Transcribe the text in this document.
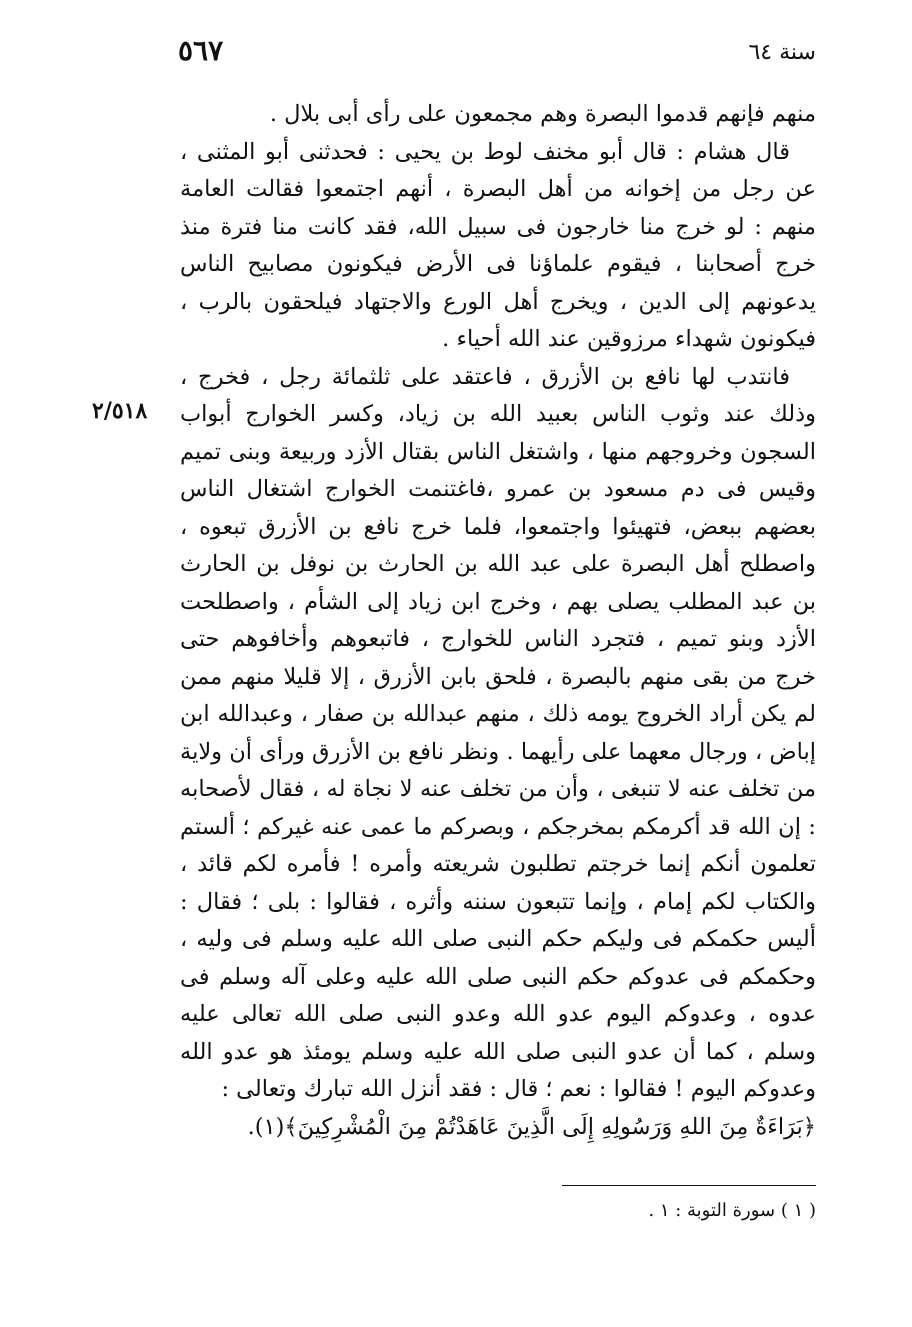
٥٦٧	سنة ٦٤

منهم فإنهم قدموا البصرة وهم مجمعون على رأى أبى بلال .

قال هشام : قال أبو مخنف لوط بن يحيى : فحدثنى أبو المثنى ، عن رجل من إخوانه من أهل البصرة ، أنهم اجتمعوا فقالت العامة منهم : لو خرج منا خارجون فى سبيل الله، فقد كانت منا فترة منذ خرج أصحابنا ، فيقوم علماؤنا فى الأرض فيكونون مصابيح الناس يدعونهم إلى الدين ، ويخرج أهل الورع والاجتهاد فيلحقون بالرب ، فيكونون شهداء مرزوقين عند الله أحياء .

فانتدب لها نافع بن الأزرق ، فاعتقد على ثلثمائة رجل ، فخرج ، وذلك عند وثوب الناس بعبيد الله بن زياد، وكسر الخوارج أبواب السجون وخروجهم منها ، واشتغل الناس بقتال الأزد وربيعة وبنى تميم وقيس فى دم مسعود بن عمرو ،فاغتنمت الخوارج اشتغال الناس بعضهم ببعض، فتهيئوا واجتمعوا، فلما خرج نافع بن الأزرق تبعوه ، واصطلح أهل البصرة على عبد الله بن الحارث بن نوفل بن الحارث بن عبد المطلب يصلى بهم ، وخرج ابن زياد إلى الشأم ، واصطلحت الأزد وبنو تميم ، فتجرد الناس للخوارج ، فاتبعوهم وأخافوهم حتى خرج من بقى منهم بالبصرة ، فلحق بابن الأزرق ، إلا قليلا منهم ممن لم يكن أراد الخروج يومه ذلك ، منهم عبدالله بن صفار ، وعبدالله ابن إباض ، ورجال معهما على رأيهما . ونظر نافع بن الأزرق ورأى أن ولاية من تخلف عنه لا تنبغى ، وأن من تخلف عنه لا نجاة له ، فقال لأصحابه : إن الله قد أكرمكم بمخرجكم ، وبصركم ما عمى عنه غيركم ؛ ألستم تعلمون أنكم إنما خرجتم تطلبون شريعته وأمره ! فأمره لكم قائد ، والكتاب لكم إمام ، وإنما تتبعون سننه وأثره ، فقالوا : بلى ؛ فقال : أليس حكمكم فى وليكم حكم النبى صلى الله عليه وسلم فى وليه ، وحكمكم فى عدوكم حكم النبى صلى الله عليه وعلى آله وسلم فى عدوه ، وعدوكم اليوم عدو الله وعدو النبى صلى الله تعالى عليه وسلم ، كما أن عدو النبى صلى الله عليه وسلم يومئذ هو عدو الله وعدوكم اليوم ! فقالوا : نعم ؛ قال : فقد أنزل الله تبارك وتعالى :

﴿بَرَاءَةٌ مِنَ اللهِ وَرَسُولِهِ إِلَى الَّذِينَ عَاهَدْتُمْ مِنَ الْمُشْرِكِينَ﴾(١).

٢/٥١٨
( ١ ) سورة التوبة : ١ .
